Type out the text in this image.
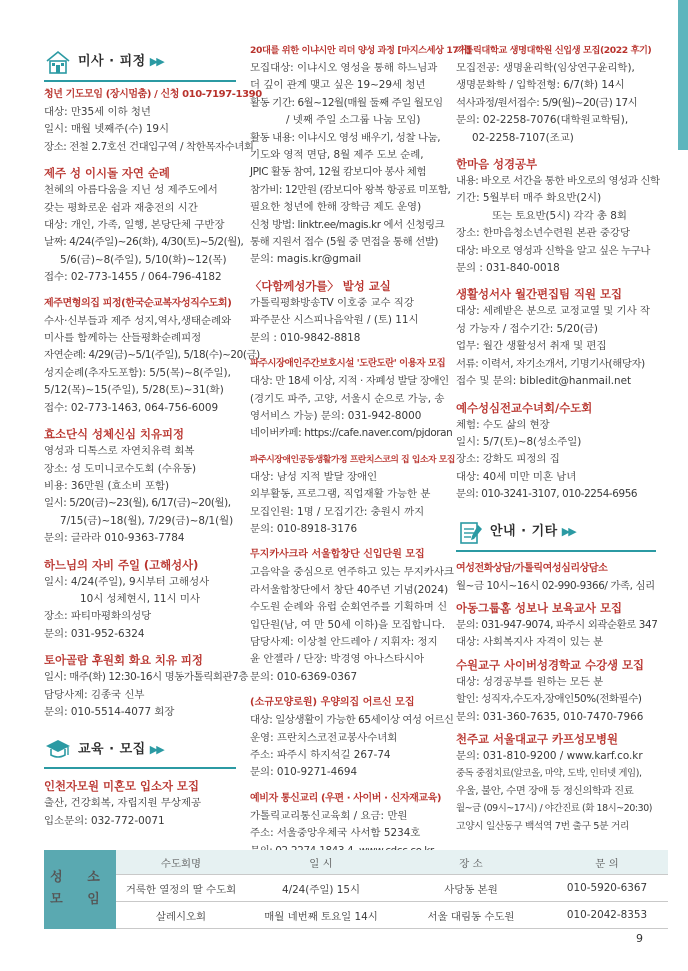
미사 · 피정 ▶▶
청년 기도모임 (장시멈춤) / 신청 010-7197-1390
대상: 만35세 이하 청년
일시: 매월 넷째주(수) 19시
장소: 전철 2.7호선 건대입구역 / 착한목자수녀회
제주 성 이시돌 자연 순례
천혜의 아름다움을 지닌 성 제주도에서
갖는 평화로운 쉼과 재충전의 시간
대상: 개인, 가족, 일행, 본당단체 구반장
날짜: 4/24(주일)~26(화), 4/30(토)~5/2(월),
5/6(금)~8(주일), 5/10(화)~12(목)
접수: 02-773-1455 / 064-796-4182
제주면형의집 피정(한국순교복자성직수도회)
수사·신부들과 제주 성지,역사,생태순례와
미사를 함께하는 산들평화순례피정
자연순례: 4/29(금)~5/1(주일), 5/18(수)~20(금)
성지순례(추자도포함): 5/5(목)~8(주일),
5/12(목)~15(주일), 5/28(토)~31(화)
접수: 02-773-1463, 064-756-6009
효소단식 성체신심 치유피정
영성과 디톡스로 자연치유력 회복
장소: 성 도미니코수도회 (수유동)
비용: 36만원 (효소비 포함)
일시: 5/20(금)~23(월), 6/17(금)~20(월),
7/15(금)~18(월), 7/29(금)~8/1(월)
문의: 글라라 010-9363-7784
하느님의 자비 주일 (고해성사)
일시: 4/24(주일), 9시부터 고해성사
10시 성체현시, 11시 미사
장소: 파티마평화의성당
문의: 031-952-6324
토아골람 후원회 화요 치유 피정
일시: 매주(화) 12:30-16시 명동가톨릭회관7층
담당사제: 김종국 신부
문의: 010-5514-4077 회장
교육 · 모집 ▶▶
인천자모원 미혼모 입소자 모집
출산, 건강회복, 자립지원 무상제공
입소문의: 032-772-0071
20대를 위한 이냐시안 리더 양성 과정 [마지스세상 17기]
모집대상: 이냐시오 영성을 통해 하느님과
더 깊이 관계 맺고 싶은 19~29세 청년
활동 기간: 6월~12월(매월 둘째 주일 월모임
/ 넷째 주일 소그룹 나눔 모임)
활동 내용: 이냐시오 영성 배우기, 성찰 나눔,
기도와 영적 면담, 8월 제주 도보 순례,
JPIC 활동 참여, 12월 캄보디아 봉사 체험
참가비: 12만원 (캄보디아 왕복 항공료 미포함,
필요한 청년에 한해 장학금 제도 운영)
신청 방법: linktr.ee/magis.kr 에서 신청링크
통해 지원서 접수 (5월 중 면접을 통해 선발)
문의: magis.kr@gmail
〈다함께성가를〉 발성 교실
가톨릭평화방송TV 이호중 교수 직강
파주문산 시스피나음악원 / (토) 11시
문의 : 010-9842-8818
파주시장애인주간보호시설 '도란도란' 이용자 모집
대상: 만 18세 이상, 지적 · 자폐성 발달 장애인
(경기도 파주, 고양, 서울시 순으로 가능, 송
영서비스 가능) 문의: 031-942-8000
네이버카페: https://cafe.naver.com/pjdoran
파주시장애인공동생활가정 프란치스코의 집 입소자 모집
대상: 남성 지적 발달 장애인
외부활동, 프로그램, 직업재활 가능한 분
모집인원: 1명 / 모집기간: 충원시 까지
문의: 010-8918-3176
무지카사크라 서울합창단 신입단원 모집
고음악을 중심으로 연주하고 있는 무지카사크
라서울합창단에서 창단 40주년 기념(2024)
수도원 순례와 유럽 순회연주를 기획하며 신
입단원(남, 여 만 50세 이하)을 모집합니다.
담당사제: 이상철 안드레아 / 지휘자: 정지
윤 안젤라 / 단장: 박경영 아나스타시아
문의: 010-6369-0367
(소규모양로원) 우양의집 어르신 모집
대상: 일상생활이 가능한 65세이상 여성 어르신
운영: 프란치스코전교봉사수녀회
주소: 파주시 하지석길 267-74
문의: 010-9271-4694
예비자 통신교리 (우편 · 사이버 · 신자재교육)
가톨릭교리통신교육회 / 요금: 만원
주소: 서울중앙우체국 사서함 5234호
가톨릭대학교 생명대학원 신입생 모집(2022 후기)
모집전공: 생명윤리학(임상연구윤리학),
생명문화학 / 입학전형: 6/7(화) 14시
석사과정/원서접수: 5/9(월)~20(금) 17시
문의: 02-2258-7076(대학원교학팀),
02-2258-7107(조교)
한마음 성경공부
내용: 바오로 서간을 통한 바오로의 영성과 신학
기간: 5월부터 매주 화요반(2시)
또는 토요반(5시) 각각 총 8회
장소: 한마음청소년수련원 본관 중강당
대상: 바오로 영성과 신학을 알고 싶은 누구나
문의 : 031-840-0018
생활성서사 월간편집팀 직원 모집
대상: 세례받은 분으로 교정교열 및 기사 작
성 가능자 / 접수기간: 5/20(금)
업무: 월간 생활성서 취재 및 편집
서류: 이력서, 자기소개서, 기명기사(해당자)
접수 및 문의: bibledit@hanmail.net
예수성심전교수녀회/수도회
체험: 수도 삶의 현장
일시: 5/7(토)~8(성소주일)
장소: 강화도 피정의 집
대상: 40세 미만 미혼 남녀
문의: 010-3241-3107, 010-2254-6956
안내 · 기타 ▶▶
여성전화상담/가톨릭여성심리상담소
월~금 10시~16시 02-990-9366/ 가족, 심리
아동그룹홈 성보나 보육교사 모집
문의: 031-947-9074, 파주시 외곽순환로 347
대상: 사회복지사 자격이 있는 분
수원교구 사이버성경학교 수강생 모집
대상: 성경공부를 원하는 모든 분
할인: 성직자,수도자,장애인50%(전화필수)
문의: 031-360-7635, 010-7470-7966
천주교 서울대교구 카프성모병원
문의: 031-810-9200 / www.karf.co.kr
중독 중점치료(알코올, 마약, 도박, 인터넷 게임),
우울, 불안, 수면 장애 등 정신의학과 진료
월~금 (09시~17시) / 야간진료 (화 18시~20:30)
고양시 일산동구 백석역 7번 출구 5분 거리
성 소
모 임	수도회명	일 시	장 소	문 의
	거룩한 열정의 딸 수도회	4/24(주일) 15시	사당동 본원	010-5920-6367
	살레시오회	매월 네번째 토요일 14시	서울 대림동 수도원	010-2042-8353
9
